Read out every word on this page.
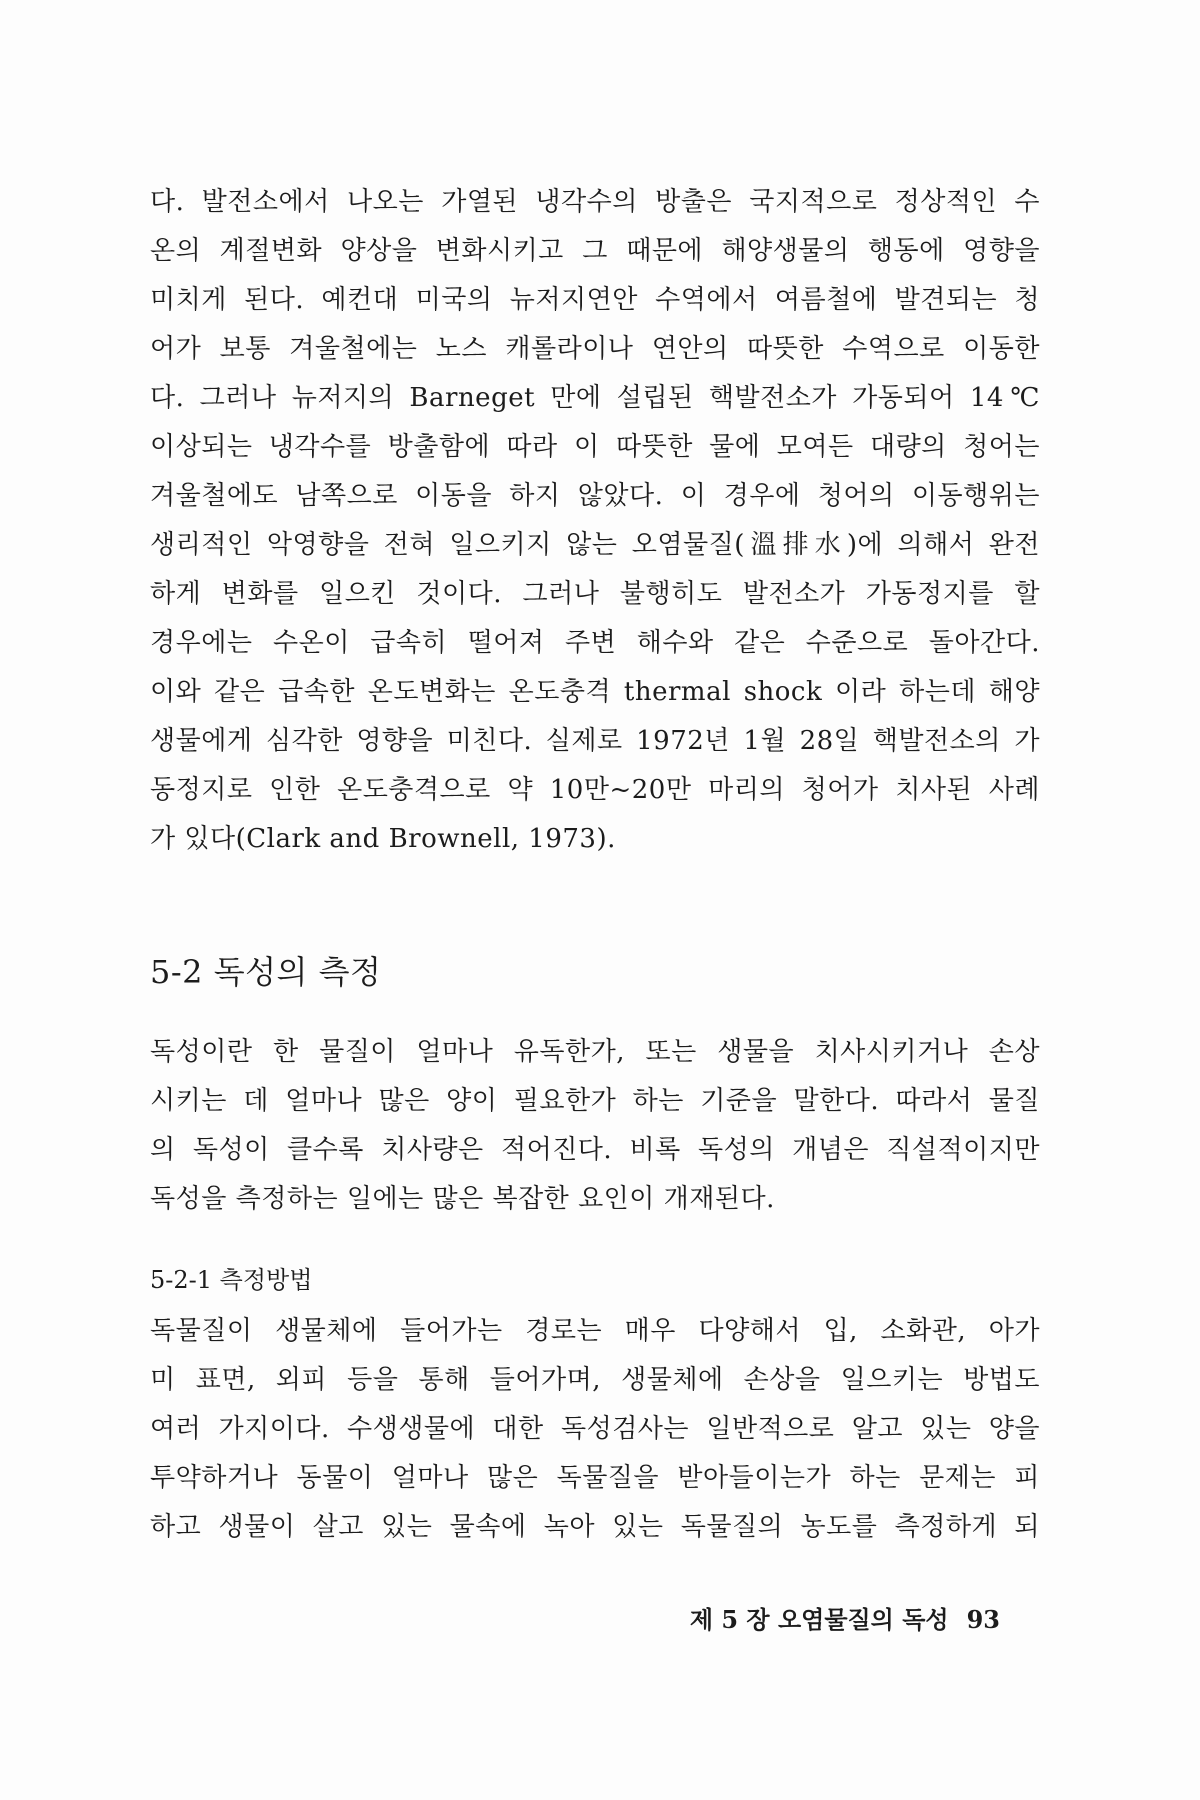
다. 발전소에서 나오는 가열된 냉각수의 방출은 국지적으로 정상적인 수
온의 계절변화 양상을 변화시키고 그 때문에 해양생물의 행동에 영향을
미치게 된다. 예컨대 미국의 뉴저지연안 수역에서 여름철에 발견되는 청
어가 보통 겨울철에는 노스 캐롤라이나 연안의 따뜻한 수역으로 이동한
다. 그러나 뉴저지의 Barneget 만에 설립된 핵발전소가 가동되어 14℃
이상되는 냉각수를 방출함에 따라 이 따뜻한 물에 모여든 대량의 청어는
겨울철에도 남쪽으로 이동을 하지 않았다. 이 경우에 청어의 이동행위는
생리적인 악영향을 전혀 일으키지 않는 오염물질(溫排水)에 의해서 완전
하게 변화를 일으킨 것이다. 그러나 불행히도 발전소가 가동정지를 할
경우에는 수온이 급속히 떨어져 주변 해수와 같은 수준으로 돌아간다.
이와 같은 급속한 온도변화는 온도충격 thermal shock 이라 하는데 해양
생물에게 심각한 영향을 미친다. 실제로 1972년 1월 28일 핵발전소의 가
동정지로 인한 온도충격으로 약 10만~20만 마리의 청어가 치사된 사례
가 있다(Clark and Brownell, 1973).
5-2 독성의 측정
독성이란 한 물질이 얼마나 유독한가, 또는 생물을 치사시키거나 손상
시키는 데 얼마나 많은 양이 필요한가 하는 기준을 말한다. 따라서 물질
의 독성이 클수록 치사량은 적어진다. 비록 독성의 개념은 직설적이지만
독성을 측정하는 일에는 많은 복잡한 요인이 개재된다.
5-2-1 측정방법
독물질이 생물체에 들어가는 경로는 매우 다양해서 입, 소화관, 아가
미 표면, 외피 등을 통해 들어가며, 생물체에 손상을 일으키는 방법도
여러 가지이다. 수생생물에 대한 독성검사는 일반적으로 알고 있는 양을
투약하거나 동물이 얼마나 많은 독물질을 받아들이는가 하는 문제는 피
하고 생물이 살고 있는 물속에 녹아 있는 독물질의 농도를 측정하게 되
제 5 장 오염물질의 독성 93
